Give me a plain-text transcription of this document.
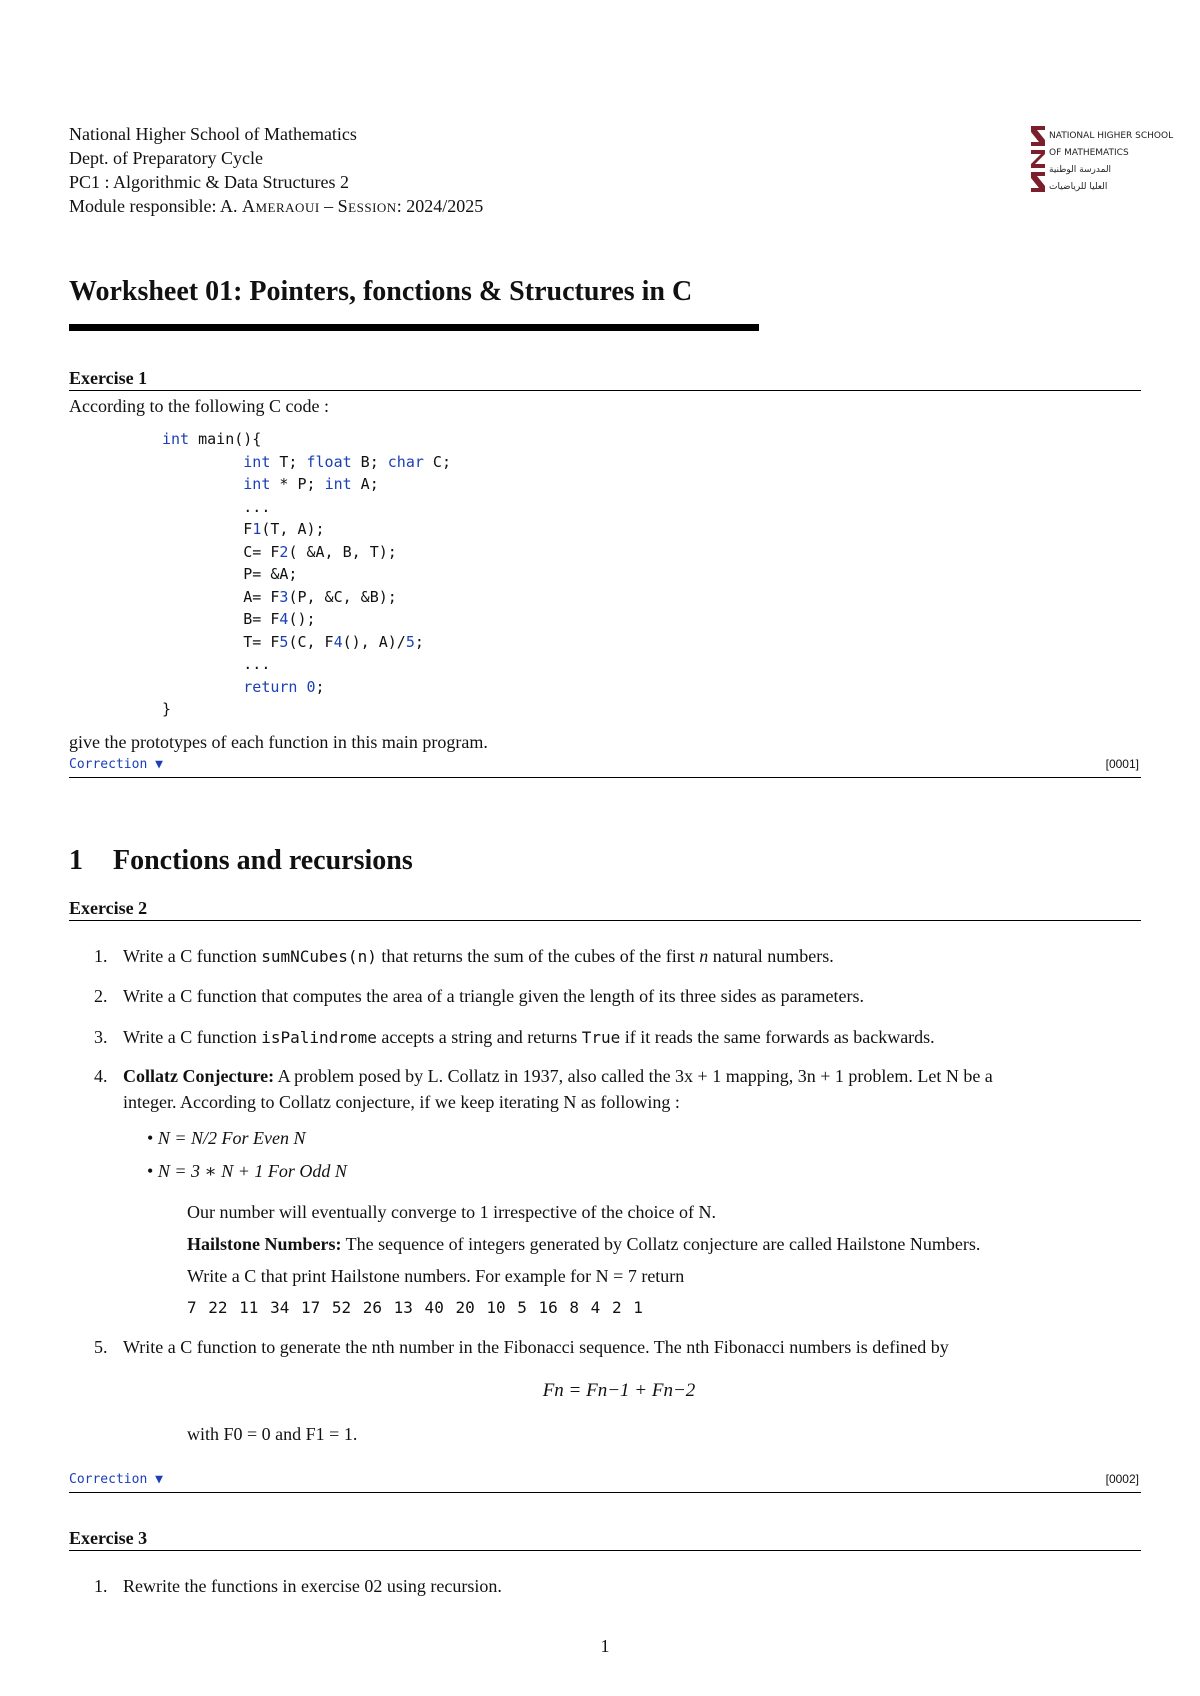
National Higher School of Mathematics
Dept. of Preparatory Cycle
PC1 : Algorithmic & Data Structures 2
Module responsible: A. Ameraoui – Session: 2024/2025
NATIONAL HIGHER SCHOOL
OF MATHEMATICS
المدرسة الوطنية
العليا للرياضيات
Worksheet 01: Pointers, fonctions & Structures in C
Exercise 1
According to the following C code :
int main(){
int T; float B; char C;
int * P; int A;
...
F1(T, A);
C= F2( &A, B, T);
P= &A;
A= F3(P, &C, &B);
B= F4();
T= F5(C, F4(), A)/5;
...
return 0;
}
give the prototypes of each function in this main program.
Correction ▼	[0001]
1 Fonctions and recursions
Exercise 2
1. Write a C function sumNCubes(n) that returns the sum of the cubes of the first n natural numbers.
2. Write a C function that computes the area of a triangle given the length of its three sides as parameters.
3. Write a C function isPalindrome accepts a string and returns True if it reads the same forwards as backwards.
4. Collatz Conjecture: A problem posed by L. Collatz in 1937, also called the 3x + 1 mapping, 3n + 1 problem. Let N be a
integer. According to Collatz conjecture, if we keep iterating N as following :
• N = N/2 For Even N
• N = 3 ∗ N + 1 For Odd N
Our number will eventually converge to 1 irrespective of the choice of N.
Hailstone Numbers: The sequence of integers generated by Collatz conjecture are called Hailstone Numbers.
Write a C that print Hailstone numbers. For example for N = 7 return
7 22 11 34 17 52 26 13 40 20 10 5 16 8 4 2 1
5. Write a C function to generate the nth number in the Fibonacci sequence. The nth Fibonacci numbers is defined by
Fn = Fn−1 + Fn−2
with F0 = 0 and F1 = 1.
Correction ▼	[0002]
Exercise 3
1. Rewrite the functions in exercise 02 using recursion.
1
